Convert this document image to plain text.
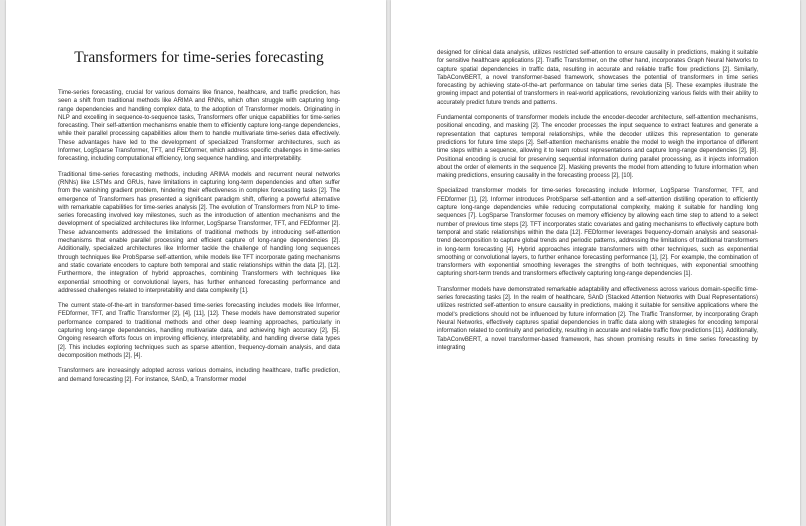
Transformers for time-series forecasting

Time-series forecasting, crucial for various domains like finance, healthcare, and traffic prediction, has seen a shift from traditional methods like ARIMA and RNNs, which often struggle with capturing long-range dependencies and handling complex data, to the adoption of Transformer models. Originating in NLP and excelling in sequence-to-sequence tasks, Transformers offer unique capabilities for time-series forecasting. Their self-attention mechanisms enable them to efficiently capture long-range dependencies, while their parallel processing capabilities allow them to handle multivariate time-series data effectively. These advantages have led to the development of specialized Transformer architectures, such as Informer, LogSparse Transformer, TFT, and FEDformer, which address specific challenges in time-series forecasting, including computational efficiency, long sequence handling, and interpretability.

Traditional time-series forecasting methods, including ARIMA models and recurrent neural networks (RNNs) like LSTMs and GRUs, have limitations in capturing long-term dependencies and often suffer from the vanishing gradient problem, hindering their effectiveness in complex forecasting tasks [2]. The emergence of Transformers has presented a significant paradigm shift, offering a powerful alternative with remarkable capabilities for time-series analysis [2]. The evolution of Transformers from NLP to time-series forecasting involved key milestones, such as the introduction of attention mechanisms and the development of specialized architectures like Informer, LogSparse Transformer, TFT, and FEDformer [2]. These advancements addressed the limitations of traditional methods by introducing self-attention mechanisms that enable parallel processing and efficient capture of long-range dependencies [2]. Additionally, specialized architectures like Informer tackle the challenge of handling long sequences through techniques like ProbSparse self-attention, while models like TFT incorporate gating mechanisms and static covariate encoders to capture both temporal and static relationships within the data [2], [12]. Furthermore, the integration of hybrid approaches, combining Transformers with techniques like exponential smoothing or convolutional layers, has further enhanced forecasting performance and addressed challenges related to interpretability and data complexity [1].

The current state-of-the-art in transformer-based time-series forecasting includes models like Informer, FEDformer, TFT, and Traffic Transformer [2], [4], [11], [12]. These models have demonstrated superior performance compared to traditional methods and other deep learning approaches, particularly in capturing long-range dependencies, handling multivariate data, and achieving high accuracy [2], [5]. Ongoing research efforts focus on improving efficiency, interpretability, and handling diverse data types [2]. This includes exploring techniques such as sparse attention, frequency-domain analysis, and data decomposition methods [2], [4].

Transformers are increasingly adopted across various domains, including healthcare, traffic prediction, and demand forecasting [2]. For instance, SAnD, a Transformer model

designed for clinical data analysis, utilizes restricted self-attention to ensure causality in predictions, making it suitable for sensitive healthcare applications [2]. Traffic Transformer, on the other hand, incorporates Graph Neural Networks to capture spatial dependencies in traffic data, resulting in accurate and reliable traffic flow predictions [2]. Similarly, TabAConvBERT, a novel transformer-based framework, showcases the potential of transformers in time series forecasting by achieving state-of-the-art performance on tabular time series data [5]. These examples illustrate the growing impact and potential of transformers in real-world applications, revolutionizing various fields with their ability to accurately predict future trends and patterns.

Fundamental components of transformer models include the encoder-decoder architecture, self-attention mechanisms, positional encoding, and masking [2]. The encoder processes the input sequence to extract features and generate a representation that captures temporal relationships, while the decoder utilizes this representation to generate predictions for future time steps [2]. Self-attention mechanisms enable the model to weigh the importance of different time steps within a sequence, allowing it to learn robust representations and capture long-range dependencies [2], [8]. Positional encoding is crucial for preserving sequential information during parallel processing, as it injects information about the order of elements in the sequence [2]. Masking prevents the model from attending to future information when making predictions, ensuring causality in the forecasting process [2], [10].

Specialized transformer models for time-series forecasting include Informer, LogSparse Transformer, TFT, and FEDformer [1], [2]. Informer introduces ProbSparse self-attention and a self-attention distilling operation to efficiently capture long-range dependencies while reducing computational complexity, making it suitable for handling long sequences [7]. LogSparse Transformer focuses on memory efficiency by allowing each time step to attend to a select number of previous time steps [2]. TFT incorporates static covariates and gating mechanisms to effectively capture both temporal and static relationships within the data [12]. FEDformer leverages frequency-domain analysis and seasonal-trend decomposition to capture global trends and periodic patterns, addressing the limitations of traditional transformers in long-term forecasting [4]. Hybrid approaches integrate transformers with other techniques, such as exponential smoothing or convolutional layers, to further enhance forecasting performance [1], [2]. For example, the combination of transformers with exponential smoothing leverages the strengths of both techniques, with exponential smoothing capturing short-term trends and transformers effectively capturing long-range dependencies [1].

Transformer models have demonstrated remarkable adaptability and effectiveness across various domain-specific time-series forecasting tasks [2]. In the realm of healthcare, SAnD (Stacked Attention Networks with Dual Representations) utilizes restricted self-attention to ensure causality in predictions, making it suitable for sensitive applications where the model's predictions should not be influenced by future information [2]. The Traffic Transformer, by incorporating Graph Neural Networks, effectively captures spatial dependencies in traffic data along with strategies for encoding temporal information related to continuity and periodicity, resulting in accurate and reliable traffic flow predictions [11]. Additionally, TabAConvBERT, a novel transformer-based framework, has shown promising results in time series forecasting by integrating
